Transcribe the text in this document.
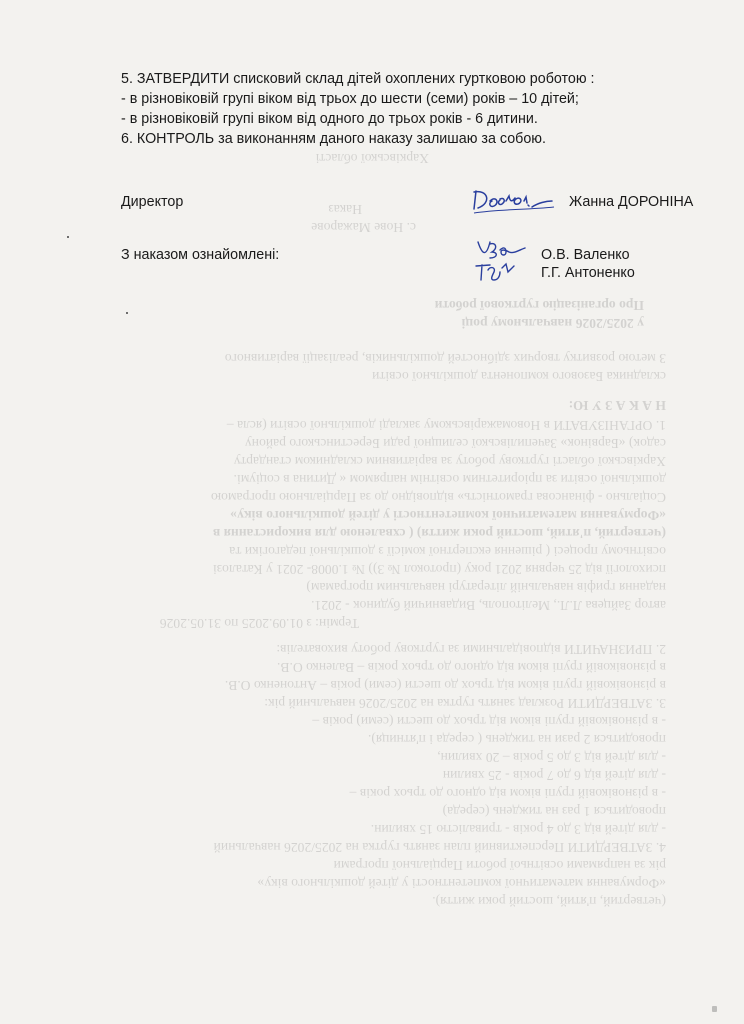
Харківської області
Наказ
с. Нове Мажарове
Про організацію гурткової роботи
у 2025/2026 навчальному році
З метою розвитку творчих здібностей дошкільників, реалізації варіативного
складника Базового компонента дошкільної освіти
Н А К А З У Ю:
1. ОРГАНІЗУВАТИ в Новомажарівському закладі дошкільної освіти (ясла –
садок) «Барвінок» Зачепилівської селищної ради Берестинського району
Харківської області гурткову роботу за варіативним складником стандарту
дошкільної освіти за пріоритетним освітнім напрямом « Дитина в соціумі.
Соціально - фінансова грамотність» відповідно до за Парціальною програмою
«Формування математичної компетентності у дітей дошкільного віку»
(четвертий, п'ятий, шостий роки життя) ( схваленою для використання в
освітньому процесі ( рішення експертної комісії з дошкільної педагогіки та
психології від 25 червня 2021 року (протокол № 3)) № 1.0008- 2021 у Каталозі
надання грифів навчальній літературі навчальним програмам)
автор Зайцева Л.Л., Мелітополь, Видавничий будинок - 2021.
Термін: з 01.09.2025 по 31.05.2026
2. ПРИЗНАЧИТИ відповідальними за гурткову роботу вихователів:
в різновіковій групі віком від одного до трьох років – Валенко О.В.
в різновіковій групі віком від трьох до шести (семи) років – Антоненко О.В.
3. ЗАТВЕРДИТИ Розклад занять гуртка на 2025/2026 навчальний рік:
- в різновіковій групі віком від трьох до шести (семи) років –
проводиться 2 рази на тиждень ( середа і п'ятниця).
- для дітей від 3 до 5 років – 20 хвилин,
- для дітей від 6 до 7 років - 25 хвилин
- в різновіковій групі віком від одного до трьох років –
проводиться 1 раз на тиждень (середа)
- для дітей від 3 до 4 років - тривалістю 15 хвилин.
4. ЗАТВЕРДИТИ Перспективний план занять гуртка на 2025/2026 навчальний
рік за напрямами освітньої роботи Парціальної програми
«Формування математичної компетентності у дітей дошкільного віку»
(четвертий, п'ятий, шостий роки життя).
5. ЗАТВЕРДИТИ списковий склад дітей охоплених гуртковою роботою :
- в різновіковій групі віком від трьох до шести (семи) років – 10 дітей;
- в різновіковій групі віком від одного до трьох років - 6 дитини.
6. КОНТРОЛЬ за виконанням даного наказу залишаю за собою.
Директор	Жанна ДОРОНІНА
З наказом ознайомлені:	О.В. Валенко
Г.Г. Антоненко
